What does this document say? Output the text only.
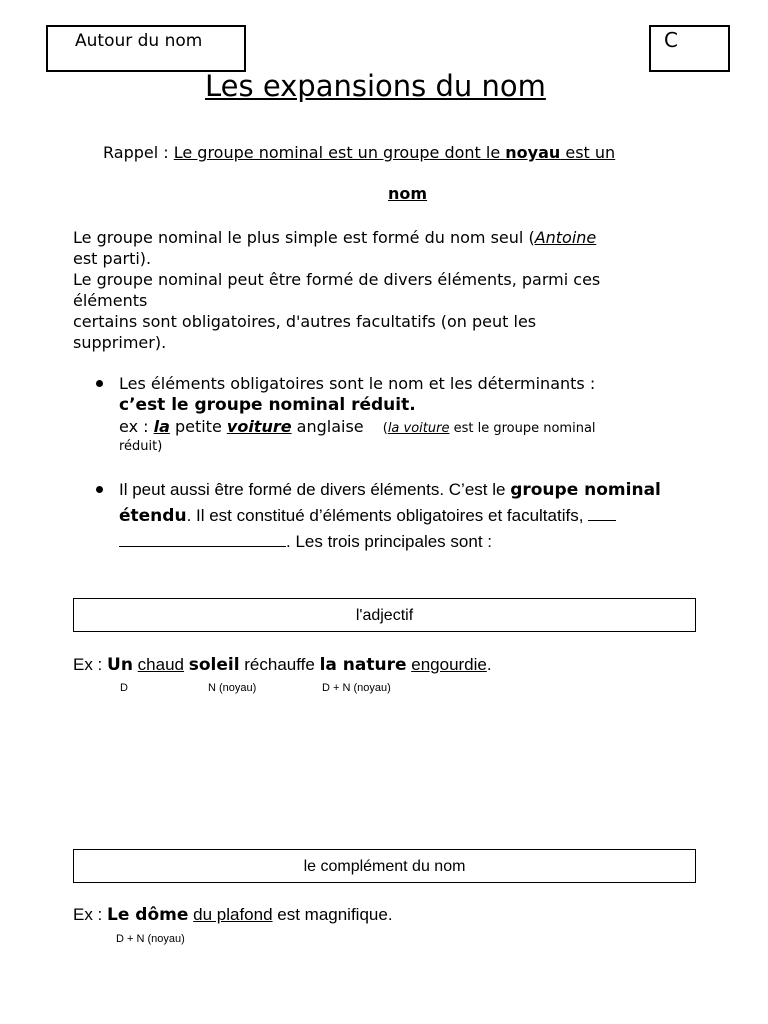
Autour du nom	C
Les expansions du nom
Rappel : Le groupe nominal est un groupe dont le noyau est un
nom
Le groupe nominal le plus simple est formé du nom seul (Antoine
est parti).
Le groupe nominal peut être formé de divers éléments, parmi ces
éléments
certains sont obligatoires, d'autres facultatifs (on peut les
supprimer).
Les éléments obligatoires sont le nom et les déterminants :
c’est le groupe nominal réduit.
ex : la petite voiture anglaise (la voiture est le groupe nominal
réduit)
Il peut aussi être formé de divers éléments. C’est le groupe nominal
étendu. Il est constitué d’éléments obligatoires et facultatifs,
. Les trois principales sont :
l'adjectif
Ex : Un chaud soleil réchauffe la nature engourdie.
D	N (noyau)	D + N (noyau)
le complément du nom
Ex : Le dôme du plafond est magnifique.
D + N (noyau)
